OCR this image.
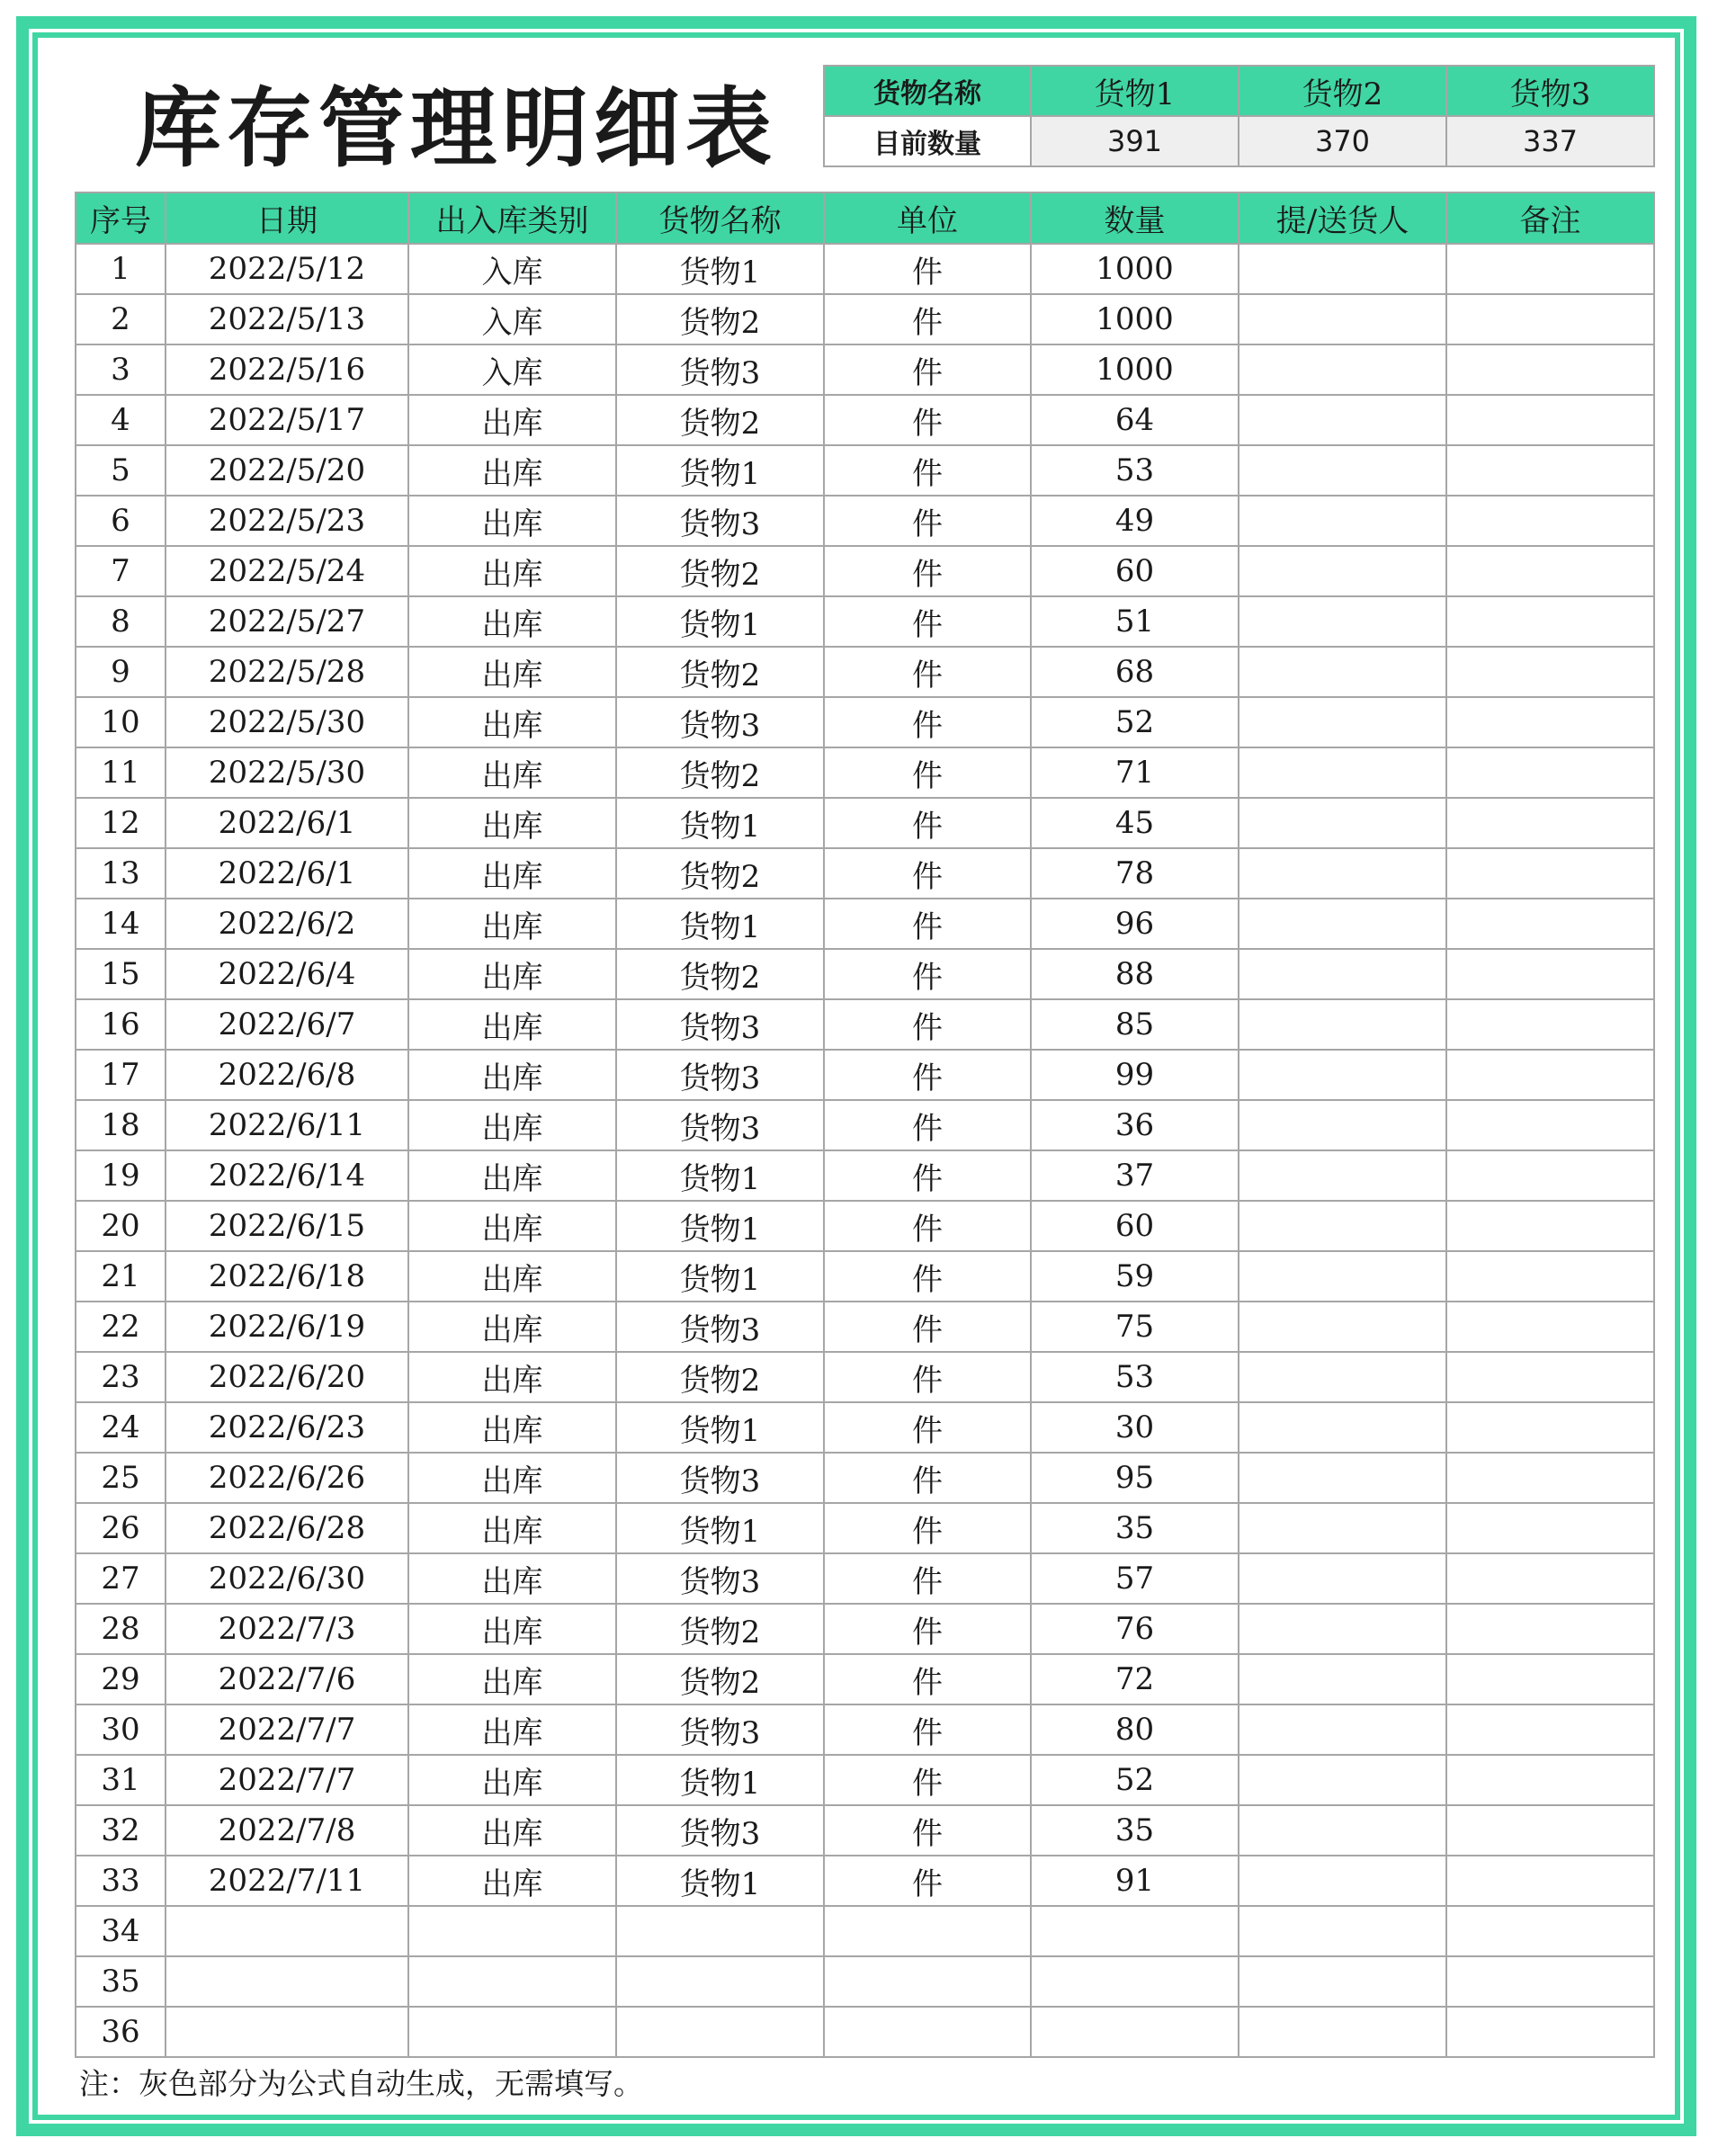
库存管理明细表	货物名称	货物1	货物2	货物3
目前数量	391	370	337
序号	日期	出入库类别	货物名称	单位	数量	提/送货人	备注
1	2022/5/12	入库	货物1	件	1000		
2	2022/5/13	入库	货物2	件	1000		
3	2022/5/16	入库	货物3	件	1000		
4	2022/5/17	出库	货物2	件	64		
5	2022/5/20	出库	货物1	件	53		
6	2022/5/23	出库	货物3	件	49		
7	2022/5/24	出库	货物2	件	60		
8	2022/5/27	出库	货物1	件	51		
9	2022/5/28	出库	货物2	件	68		
10	2022/5/30	出库	货物3	件	52		
11	2022/5/30	出库	货物2	件	71		
12	2022/6/1	出库	货物1	件	45		
13	2022/6/1	出库	货物2	件	78		
14	2022/6/2	出库	货物1	件	96		
15	2022/6/4	出库	货物2	件	88		
16	2022/6/7	出库	货物3	件	85		
17	2022/6/8	出库	货物3	件	99		
18	2022/6/11	出库	货物3	件	36		
19	2022/6/14	出库	货物1	件	37		
20	2022/6/15	出库	货物1	件	60		
21	2022/6/18	出库	货物1	件	59		
22	2022/6/19	出库	货物3	件	75		
23	2022/6/20	出库	货物2	件	53		
24	2022/6/23	出库	货物1	件	30		
25	2022/6/26	出库	货物3	件	95		
26	2022/6/28	出库	货物1	件	35		
27	2022/6/30	出库	货物3	件	57		
28	2022/7/3	出库	货物2	件	76		
29	2022/7/6	出库	货物2	件	72		
30	2022/7/7	出库	货物3	件	80		
31	2022/7/7	出库	货物1	件	52		
32	2022/7/8	出库	货物3	件	35		
33	2022/7/11	出库	货物1	件	91		
34							
35							
36							
注：灰色部分为公式自动生成，无需填写。
